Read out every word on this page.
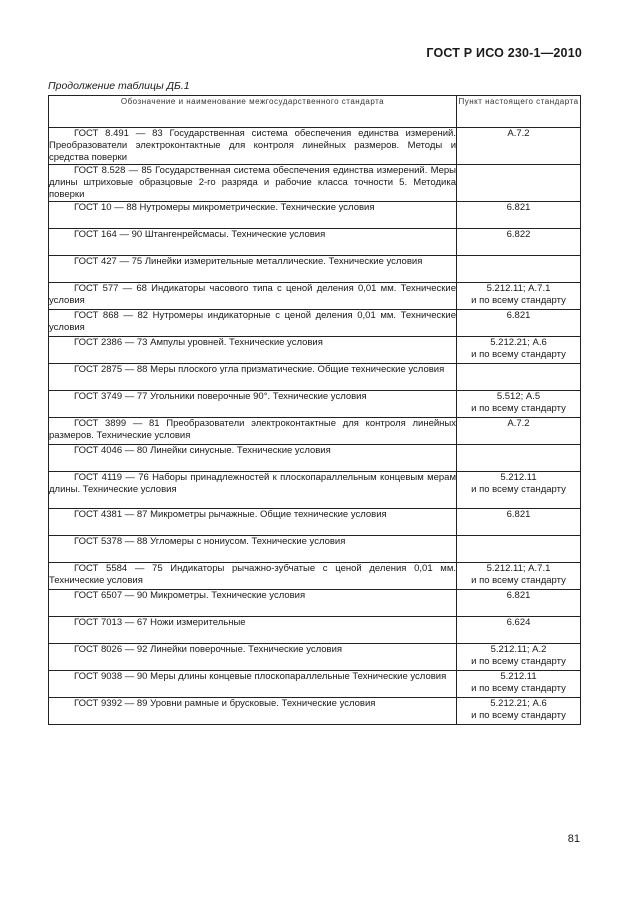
ГОСТ Р ИСО 230-1—2010
Продолжение таблицы ДБ.1
Обозначение и наименование межгосударственного стандарта	Пункт настоящего стандарта
ГОСТ 8.491 — 83 Государственная система обеспечения единства измерений. Преобразователи электроконтактные для контроля линейных размеров. Методы и средства поверки	А.7.2

ГОСТ 8.528 — 85 Государственная система обеспечения единства измерений. Меры длины штриховые образцовые 2-го разряда и рабочие класса точности 5. Методика поверки	
ГОСТ 10 — 88 Нутромеры микрометрические. Технические условия	6.821

ГОСТ 164 — 90 Штангенрейсмасы. Технические условия	6.822

ГОСТ 427 — 75 Линейки измерительные металлические. Технические условия	
ГОСТ 577 — 68 Индикаторы часового типа с ценой деления 0,01 мм. Технические условия	5.212.11; А.7.1
и по всему стандарту

ГОСТ 868 — 82 Нутромеры индикаторные с ценой деления 0,01 мм. Технические условия	6.821

ГОСТ 2386 — 73 Ампулы уровней. Технические условия	5.212.21; А.6
и по всему стандарту

ГОСТ 2875 — 88 Меры плоского угла призматические. Общие технические условия	
ГОСТ 3749 — 77 Угольники поверочные 90°. Технические условия	5.512; А.5
и по всему стандарту

ГОСТ 3899 — 81 Преобразователи электроконтактные для контроля линейных размеров. Технические условия	А.7.2

ГОСТ 4046 — 80 Линейки синусные. Технические условия	
ГОСТ 4119 — 76 Наборы принадлежностей к плоскопараллельным концевым мерам длины. Технические условия	5.212.11
и по всему стандарту

ГОСТ 4381 — 87 Микрометры рычажные. Общие технические условия	6.821

ГОСТ 5378 — 88 Угломеры с нониусом. Технические условия	
ГОСТ 5584 — 75 Индикаторы рычажно-зубчатые с ценой деления 0,01 мм. Технические условия	5.212.11; А.7.1
и по всему стандарту

ГОСТ 6507 — 90 Микрометры. Технические условия	6.821

ГОСТ 7013 — 67 Ножи измерительные	6.624

ГОСТ 8026 — 92 Линейки поверочные. Технические условия	5.212.11; А.2
и по всему стандарту

ГОСТ 9038 — 90 Меры длины концевые плоскопараллельные Технические условия	5.212.11
и по всему стандарту

ГОСТ 9392 — 89 Уровни рамные и брусковые. Технические условия	5.212.21; А.6
и по всему стандарту
81
